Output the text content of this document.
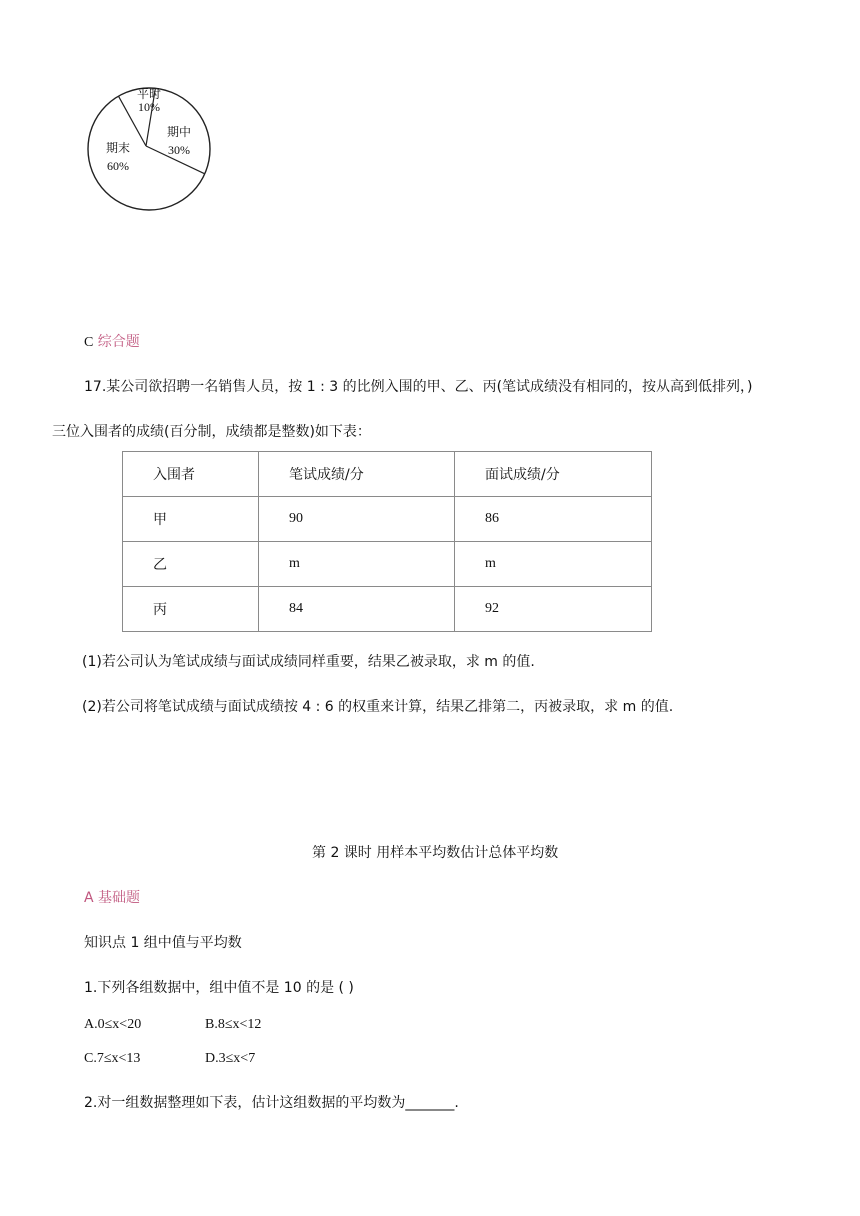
平时
10%
期中
30%
期末
60%
C 综合题
17.某公司欲招聘一名销售人员，按 1 : 3 的比例入围的甲、乙、丙(笔试成绩没有相同的，按从高到低排列，)
三位入围者的成绩(百分制，成绩都是整数)如下表：
入围者	笔试成绩/分	面试成绩/分
甲	90	86
乙	m	m
丙	84	92
(1)若公司认为笔试成绩与面试成绩同样重要，结果乙被录取，求 m 的值.
(2)若公司将笔试成绩与面试成绩按 4 : 6 的权重来计算，结果乙排第二，丙被录取，求 m 的值.
第 2 课时 用样本平均数估计总体平均数
A 基础题
知识点 1 组中值与平均数
1.下列各组数据中，组中值不是 10 的是 ( )
A.0≤x<20	B.8≤x<12
C.7≤x<13	D.3≤x<7
2.对一组数据整理如下表，估计这组数据的平均数为_______.
